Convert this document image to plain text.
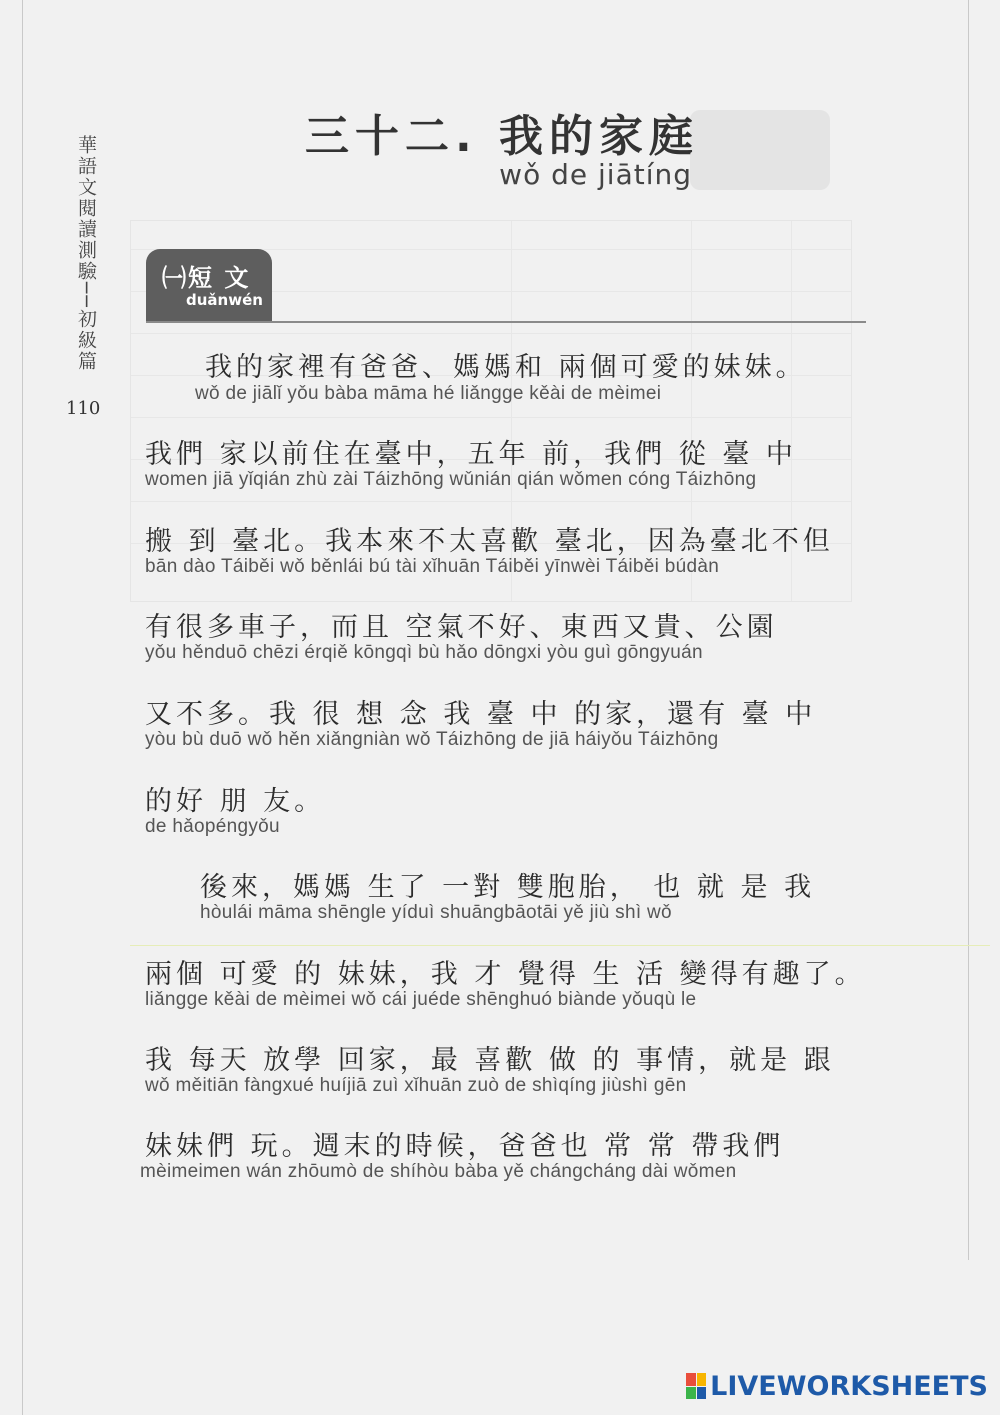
華語文閱讀測驗──初級篇
110
三十二. 我的家庭
wǒ de jiātíng
㈠短 文
duǎnwén
我的家裡有爸爸、媽媽和 兩個可愛的妹妹。
wǒ de jiālǐ yǒu bàba māma hé liǎngge kěài de mèimei
我們 家以前住在臺中，五年 前，我們 從 臺 中
women jiā yǐqián zhù zài Táizhōng wǔnián qián wǒmen cóng Táizhōng
搬 到 臺北。我本來不太喜歡 臺北，因為臺北不但
bān dào Táiběi wǒ běnlái bú tài xǐhuān Táiběi yīnwèi Táiběi búdàn
有很多車子，而且 空氣不好、東西又貴、公園
yǒu hěnduō chēzi érqiě kōngqì bù hǎo dōngxi yòu guì gōngyuán
又不多。我 很 想 念 我 臺 中 的家，還有 臺 中
yòu bù duō wǒ hěn xiǎngniàn wǒ Táizhōng de jiā háiyǒu Táizhōng
的好 朋 友。
de hǎopéngyǒu
後來，媽媽 生了 一對 雙胞胎， 也 就 是 我
hòulái māma shēngle yíduì shuāngbāotāi yě jiù shì wǒ
兩個 可愛 的 妹妹，我 才 覺得 生 活 變得有趣了。
liǎngge kěài de mèimei wǒ cái juéde shēnghuó biànde yǒuqù le
我 每天 放學 回家，最 喜歡 做 的 事情，就是 跟
wǒ měitiān fàngxué huíjiā zuì xǐhuān zuò de shìqíng jiùshì gēn
妹妹們 玩。週末的時候，爸爸也 常 常 帶我們
mèimeimen wán zhōumò de shíhòu bàba yě chángcháng dài wǒmen
LIVEWORKSHEETS
